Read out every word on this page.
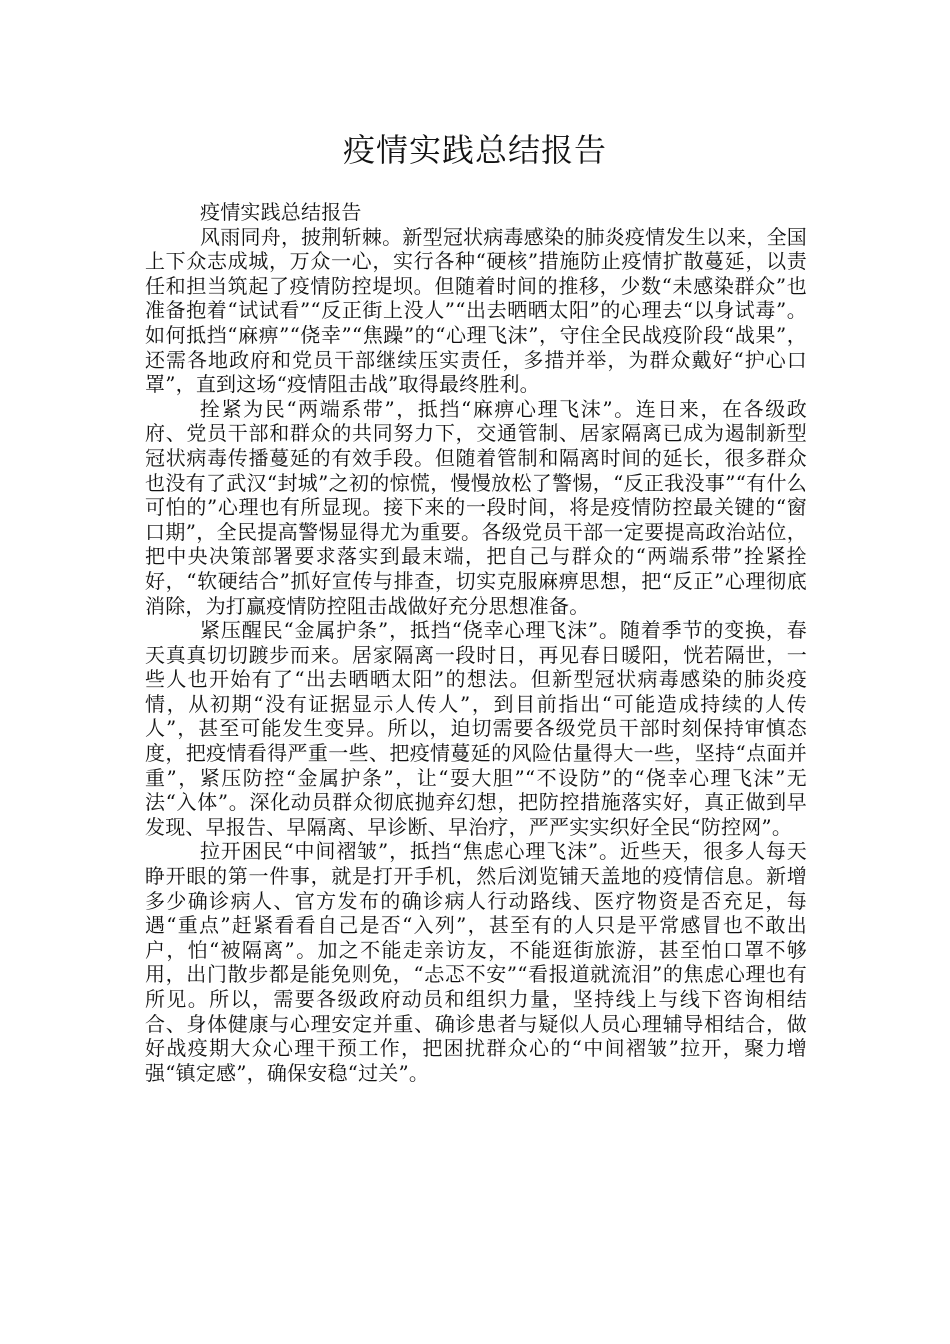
疫情实践总结报告

疫情实践总结报告

风雨同舟，披荆斩棘。新型冠状病毒感染的肺炎疫情发生以来，全国上下众志成城，万众一心，实行各种“硬核”措施防止疫情扩散蔓延，以责任和担当筑起了疫情防控堤坝。但随着时间的推移，少数“未感染群众”也准备抱着“试试看”“反正街上没人”“出去晒晒太阳”的心理去“以身试毒”。如何抵挡“麻痹”“侥幸”“焦躁”的“心理飞沫”，守住全民战疫阶段“战果”，还需各地政府和党员干部继续压实责任，多措并举，为群众戴好“护心口罩”，直到这场“疫情阻击战”取得最终胜利。

拴紧为民“两端系带”，抵挡“麻痹心理飞沫”。连日来，在各级政府、党员干部和群众的共同努力下，交通管制、居家隔离已成为遏制新型冠状病毒传播蔓延的有效手段。但随着管制和隔离时间的延长，很多群众也没有了武汉“封城”之初的惊慌，慢慢放松了警惕，“反正我没事”“有什么可怕的”心理也有所显现。接下来的一段时间，将是疫情防控最关键的“窗口期”，全民提高警惕显得尤为重要。各级党员干部一定要提高政治站位，把中央决策部署要求落实到最末端，把自己与群众的“两端系带”拴紧拴好，“软硬结合”抓好宣传与排查，切实克服麻痹思想，把“反正”心理彻底消除，为打赢疫情防控阻击战做好充分思想准备。

紧压醒民“金属护条”，抵挡“侥幸心理飞沫”。随着季节的变换，春天真真切切踱步而来。居家隔离一段时日，再见春日暖阳，恍若隔世，一些人也开始有了“出去晒晒太阳”的想法。但新型冠状病毒感染的肺炎疫情，从初期“没有证据显示人传人”，到目前指出“可能造成持续的人传人”，甚至可能发生变异。所以，迫切需要各级党员干部时刻保持审慎态度，把疫情看得严重一些、把疫情蔓延的风险估量得大一些，坚持“点面并重”，紧压防控“金属护条”，让“耍大胆”“不设防”的“侥幸心理飞沫”无法“入体”。深化动员群众彻底抛弃幻想，把防控措施落实好，真正做到早发现、早报告、早隔离、早诊断、早治疗，严严实实织好全民“防控网”。

拉开困民“中间褶皱”，抵挡“焦虑心理飞沫”。近些天，很多人每天睁开眼的第一件事，就是打开手机，然后浏览铺天盖地的疫情信息。新增多少确诊病人、官方发布的确诊病人行动路线、医疗物资是否充足，每遇“重点”赶紧看看自己是否“入列”，甚至有的人只是平常感冒也不敢出户，怕“被隔离”。加之不能走亲访友，不能逛街旅游，甚至怕口罩不够用，出门散步都是能免则免，“忐忑不安”“看报道就流泪”的焦虑心理也有所见。所以，需要各级政府动员和组织力量，坚持线上与线下咨询相结合、身体健康与心理安定并重、确诊患者与疑似人员心理辅导相结合，做好战疫期大众心理干预工作，把困扰群众心的“中间褶皱”拉开，聚力增强“镇定感”，确保安稳“过关”。
